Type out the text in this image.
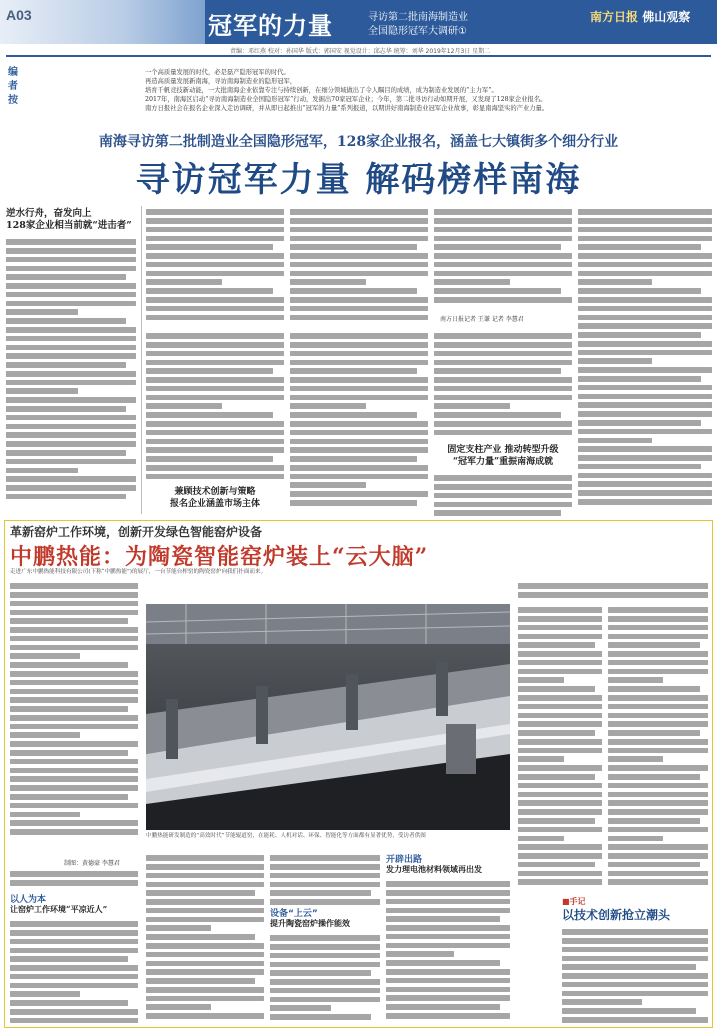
A03	冠军的力量	寻访第二批南海制造业
全国隐形冠军大调研①
南方日报 佛山观察
责编：邓红燕 校对：孙国华 版式：郭国安 视觉设计：邱志华 统筹：刘华 2019年12月3日 星期二
编者按
一个高质量发展的时代，必是磊产隐形冠军的时代。
再造高质量发展新南海，寻访南海制造业的隐形冠军，
培育千帆竞技新动能，一大批南海企业依靠专注与持续创新，在细分领域做出了令人瞩目的成绩，成为制造业发展的“主力军”。
2017年，南海区启动“寻访南海制造业全国隐形冠军”行动，发掘出70家冠军企业；今年，第二批寻访行动如期开展，又发现了128家企业报名。
南方日报社会在报名企业深入走访调研，并从即日起推出“冠军的力量”系列报道，以期讲好南海制造业冠军企业故事，彰显南海坚实的产业力量。
南海寻访第二批制造业全国隐形冠军，128家企业报名，涵盖七大镇街多个细分行业
寻访冠军力量 解码榜样南海
逆水行舟，奋发向上
128家企业相当前就“进击者”
南方日报记者 王谦 记者 李慧君
兼顾技术创新与策略
报名企业涵盖市场主体
固定支柱产业 推动转型升级
“冠军力量”重振南海成就
革新窑炉工作环境，创新开发绿色智能窑炉设备
中鹏热能：为陶瓷智能窑炉装上“云大脑”
制图：黄德豪 李慧君
以人为本
让窑炉工作环境“平凉近人”
中鹏热能研发制造的“高效时代”节能辊道窑，在能耗、人机对话、环保、智能化等方面都有显著优势，受访者供图
设备“上云”
提升陶瓷窑炉操作能效
开辟出路
发力理电池材料领域再出发
■手记
以技术创新抢立潮头
走进广东中鹏热能科技有限公司(下称“中鹏热能”)的展厅，一台节能台榨窑的陶瓷窑炉向我们扑面而来。
